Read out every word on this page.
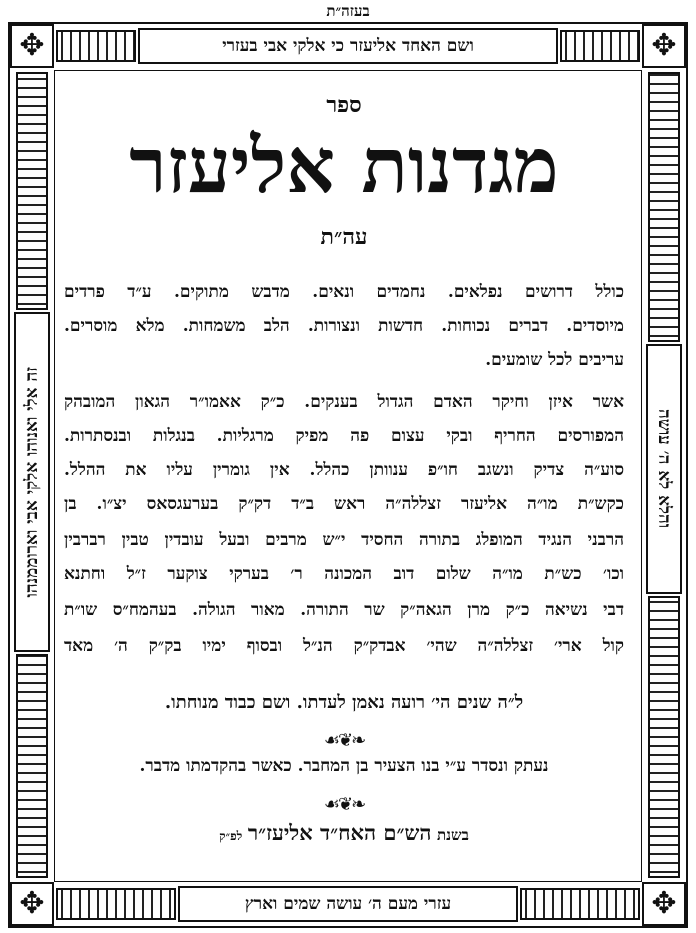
בעזה״ת
✥	✥
✥	✥
ושם האחד אליעזר כי אלקי אבי בעזרי
עזרי מעם ה׳ עושה שמים וארץ
זה אלי ואנוהו אלקי אבי וארוממנהו	והלא לא ה׳ עושה
ספר
מגדנות אליעזר
עה״ת
כולל דרושים נפלאים. נחמדים ונאים. מדבש מתוקים. ע״ד פרדים
מיוסדים. דברים נכוחות. חדשות ונצורות. הלב משמחות. מלא מוסרים.
עריבים לכל שומעים.
אשר איזן וחיקר האדם הגדול בענקים. כ״ק אאמו״ר הגאון המובהק
המפורסים החריף ובקי עצום פה מפיק מרגליות. בנגלות ובנסתרות.
סוע״ה צדיק ונשגב חו״פ ענוותן כהלל. אין גומרין עליו את ההלל.
כקש״ת מו״ה אליעזר זצללה״ה ראש ב״ד דק״ק בערעגסאס יצ״ו. בן
הרבני הנגיד המופלג בתורה החסיד י״ש מרבים ובעל עובדין טבין רברבין
וכו׳ כש״ת מו״ה שלום דוב המכונה ר׳ בערקי צוקער ז״ל וחתנא
דבי נשיאה כ״ק מרן הגאה״ק שר התורה. מאור הגולה. בעהמח״ס שו״ת
קול ארי׳ זצללה״ה שהי׳ אבדק״ק הנ״ל ובסוף ימיו בק״ק ה׳ מאד
ל״ה שנים הי׳ רועה נאמן לעדתו. ושם כבוד מנוחתו.
❧❦☙
נעתק ונסדר ע״י בנו הצעיר בן המחבר. כאשר בהקדמתו מדבר.
❧❦☙
בשנת הש״ם האח״ד אליעז״ר לפ״ק
